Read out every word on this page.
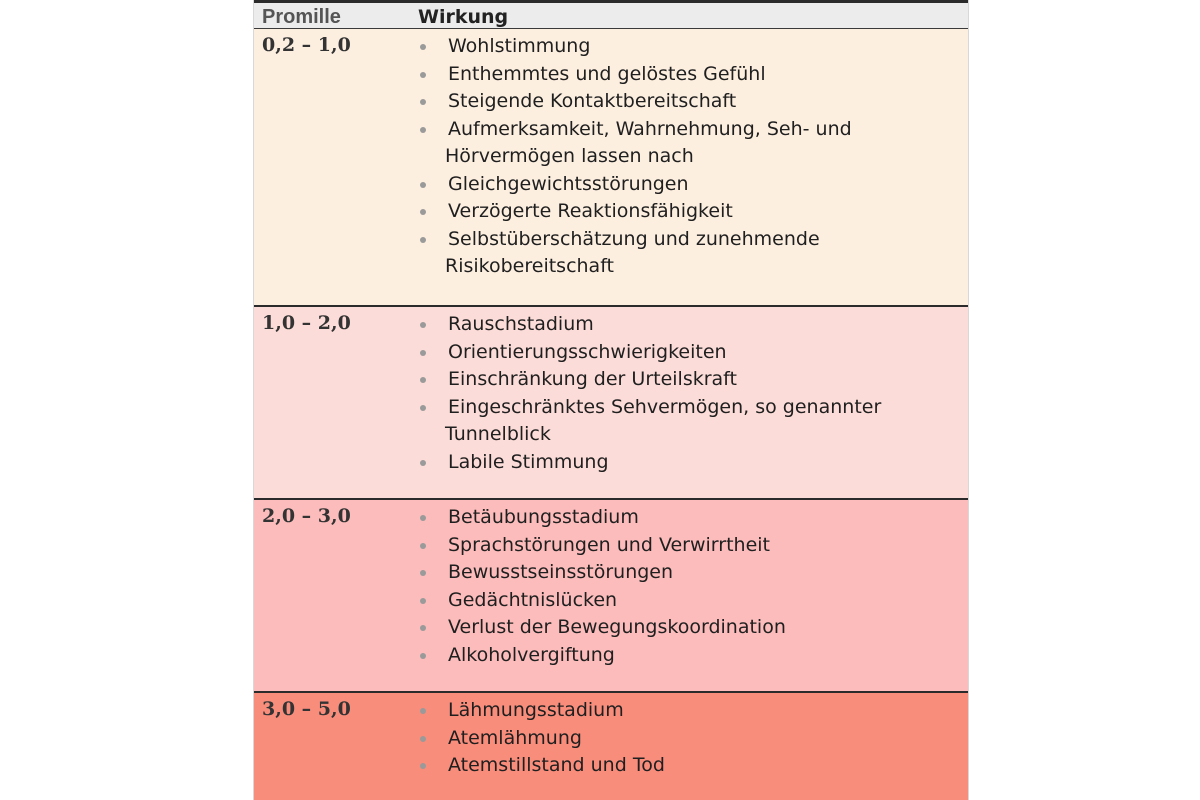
Promille	Wirkung
0,2 – 1,0	Wohlstimmung
Enthemmtes und gelöstes Gefühl
Steigende Kontaktbereitschaft
Aufmerksamkeit, Wahrnehmung, Seh- und
Hörvermögen lassen nach
Gleichgewichtsstörungen
Verzögerte Reaktionsfähigkeit
Selbstüberschätzung und zunehmende
Risikobereitschaft
1,0 – 2,0	Rauschstadium
Orientierungsschwierigkeiten
Einschränkung der Urteilskraft
Eingeschränktes Sehvermögen, so genannter
Tunnelblick
Labile Stimmung
2,0 – 3,0	Betäubungsstadium
Sprachstörungen und Verwirrtheit
Bewusstseinsstörungen
Gedächtnislücken
Verlust der Bewegungskoordination
Alkoholvergiftung
3,0 – 5,0	Lähmungsstadium
Atemlähmung
Atemstillstand und Tod
